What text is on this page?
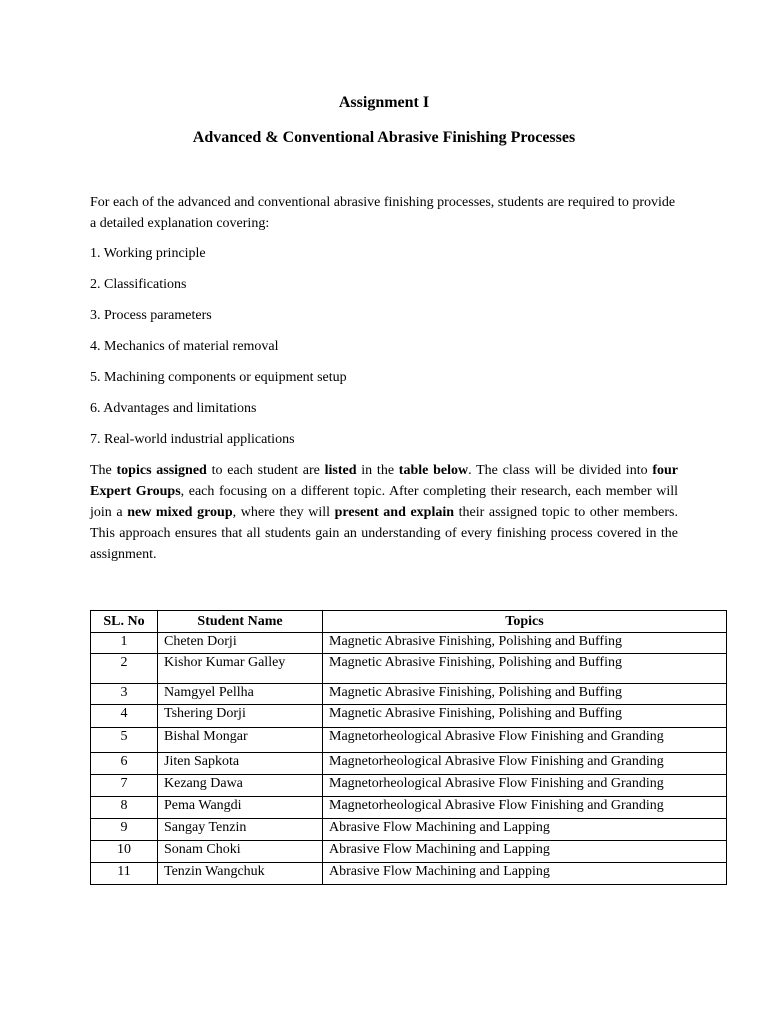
Assignment I
Advanced & Conventional Abrasive Finishing Processes

For each of the advanced and conventional abrasive finishing processes, students are required to provide a detailed explanation covering:

1. Working principle

2. Classifications

3. Process parameters

4. Mechanics of material removal

5. Machining components or equipment setup

6. Advantages and limitations

7. Real-world industrial applications

The topics assigned to each student are listed in the table below. The class will be divided into four Expert Groups, each focusing on a different topic. After completing their research, each member will join a new mixed group, where they will present and explain their assigned topic to other members. This approach ensures that all students gain an understanding of every finishing process covered in the assignment.

SL. No	Student Name	Topics
1	Cheten Dorji	Magnetic Abrasive Finishing, Polishing and Buffing
2	Kishor Kumar Galley	Magnetic Abrasive Finishing, Polishing and Buffing
3	Namgyel Pellha	Magnetic Abrasive Finishing, Polishing and Buffing
4	Tshering Dorji	Magnetic Abrasive Finishing, Polishing and Buffing
5	Bishal Mongar	Magnetorheological Abrasive Flow Finishing and Granding
6	Jiten Sapkota	Magnetorheological Abrasive Flow Finishing and Granding
7	Kezang Dawa	Magnetorheological Abrasive Flow Finishing and Granding
8	Pema Wangdi	Magnetorheological Abrasive Flow Finishing and Granding
9	Sangay Tenzin	Abrasive Flow Machining and Lapping
10	Sonam Choki	Abrasive Flow Machining and Lapping
11	Tenzin Wangchuk	Abrasive Flow Machining and Lapping
